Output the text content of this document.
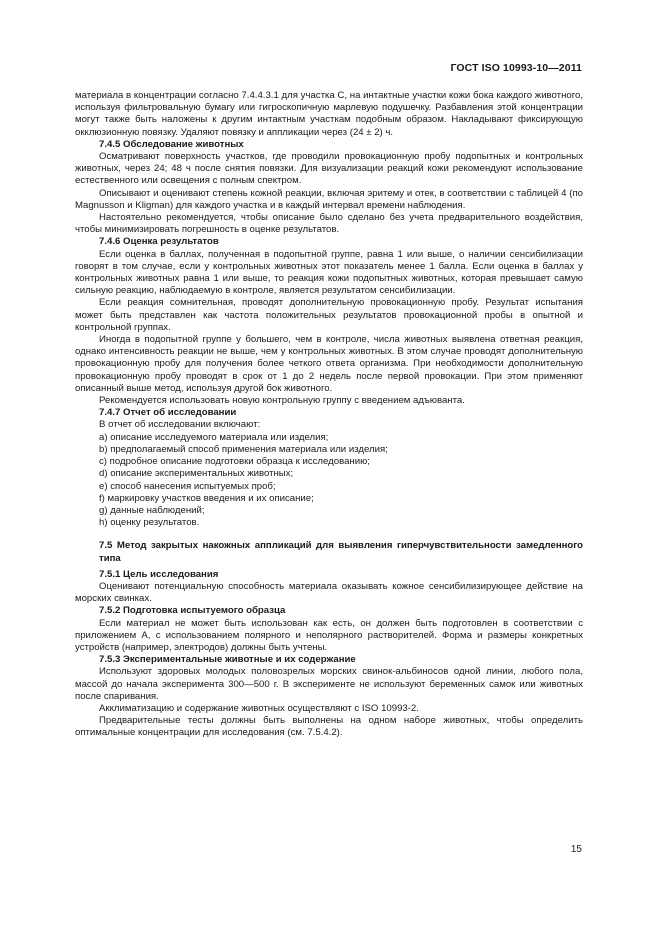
ГОСТ ISO 10993-10—2011

материала в концентрации согласно 7.4.4.3.1 для участка C, на интактные участки кожи бока каждого животного, используя фильтровальную бумагу или гигроскопичную марлевую подушечку. Разбавления этой концентрации могут также быть наложены к другим интактным участкам подобным образом. Накладывают фиксирующую окклюзионную повязку. Удаляют повязку и аппликации через (24 ± 2) ч.

7.4.5 Обследование животных

Осматривают поверхность участков, где проводили провокационную пробу подопытных и контрольных животных, через 24; 48 ч после снятия повязки. Для визуализации реакций кожи рекомендуют использование естественного или освещения с полным спектром.

Описывают и оценивают степень кожной реакции, включая эритему и отек, в соответствии с таблицей 4 (по Magnusson и Kligman) для каждого участка и в каждый интервал времени наблюдения.

Настоятельно рекомендуется, чтобы описание было сделано без учета предварительного воздействия, чтобы минимизировать погрешность в оценке результатов.

7.4.6 Оценка результатов

Если оценка в баллах, полученная в подопытной группе, равна 1 или выше, о наличии сенсибилизации говорят в том случае, если у контрольных животных этот показатель менее 1 балла. Если оценка в баллах у контрольных животных равна 1 или выше, то реакция кожи подопытных животных, которая превышает самую сильную реакцию, наблюдаемую в контроле, является результатом сенсибилизации.

Если реакция сомнительная, проводят дополнительную провокационную пробу. Результат испытания может быть представлен как частота положительных результатов провокационной пробы в опытной и контрольной группах.

Иногда в подопытной группе у большего, чем в контроле, числа животных выявлена ответная реакция, однако интенсивность реакции не выше, чем у контрольных животных. В этом случае проводят дополнительную провокационную пробу для получения более четкого ответа организма. При необходимости дополнительную провокационную пробу проводят в срок от 1 до 2 недель после первой провокации. При этом применяют описанный выше метод, используя другой бок животного.

Рекомендуется использовать новую контрольную группу с введением адъюванта.

7.4.7 Отчет об исследовании

В отчет об исследовании включают:

a) описание исследуемого материала или изделия;

b) предполагаемый способ применения материала или изделия;

c) подробное описание подготовки образца к исследованию;

d) описание экспериментальных животных;

e) способ нанесения испытуемых проб;

f) маркировку участков введения и их описание;

g) данные наблюдений;

h) оценку результатов.

7.5 Метод закрытых накожных аппликаций для выявления гиперчувствительности замедленного типа

7.5.1 Цель исследования

Оценивают потенциальную способность материала оказывать кожное сенсибилизирующее действие на морских свинках.

7.5.2 Подготовка испытуемого образца

Если материал не может быть использован как есть, он должен быть подготовлен в соответствии с приложением А, с использованием полярного и неполярного растворителей. Форма и размеры конкретных устройств (например, электродов) должны быть учтены.

7.5.3 Экспериментальные животные и их содержание

Используют здоровых молодых половозрелых морских свинок-альбиносов одной линии, любого пола, массой до начала эксперимента 300—500 г. В эксперименте не используют беременных самок или животных после спаривания.

Акклиматизацию и содержание животных осуществляют с ISO 10993-2.

Предварительные тесты должны быть выполнены на одном наборе животных, чтобы определить оптимальные концентрации для исследования (см. 7.5.4.2).

15
